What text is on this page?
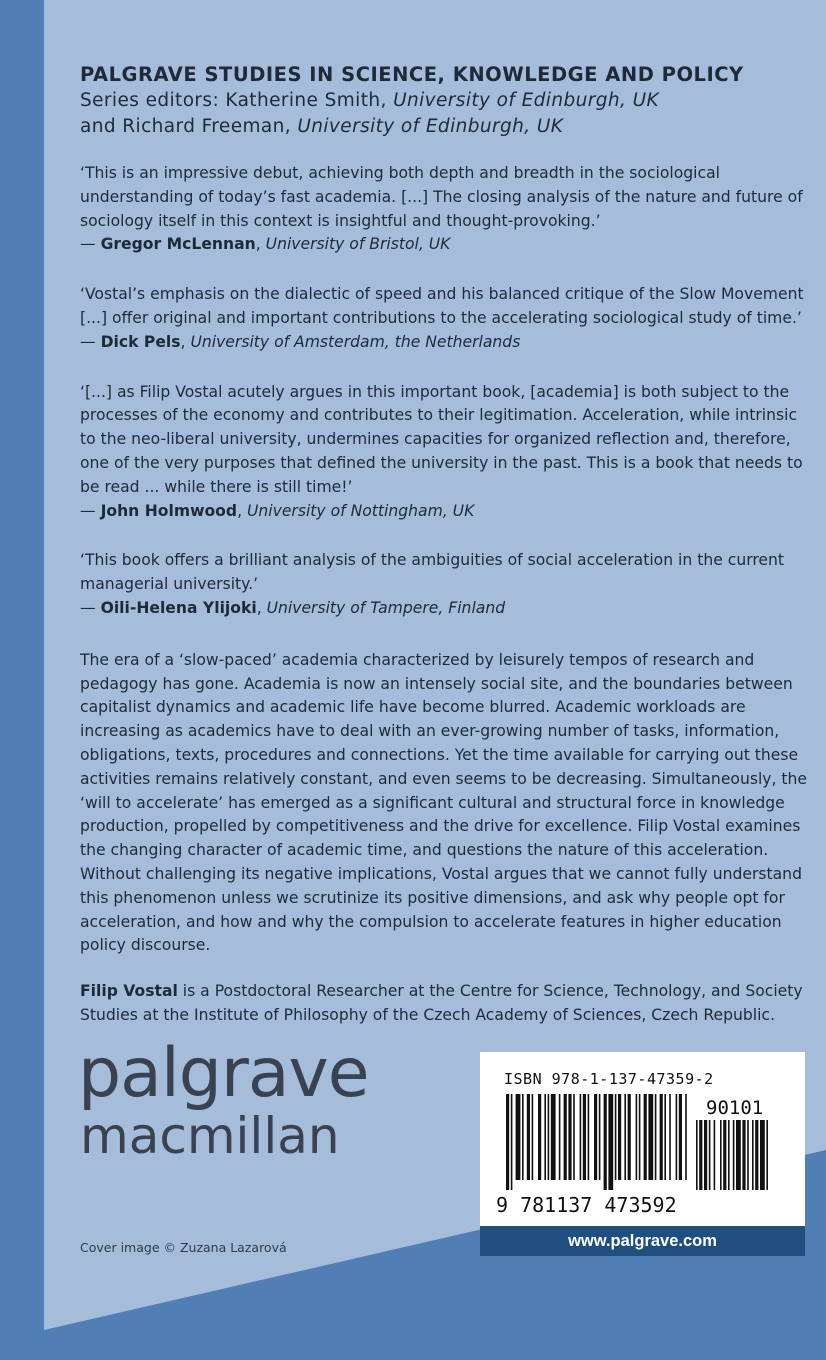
PALGRAVE STUDIES IN SCIENCE, KNOWLEDGE AND POLICY

Series editors: Katherine Smith, University of Edinburgh, UK
and Richard Freeman, University of Edinburgh, UK

‘This is an impressive debut, achieving both depth and breadth in the sociological understanding of today’s fast academia. [...] The closing analysis of the nature and future of sociology itself in this context is insightful and thought-provoking.’

— Gregor McLennan, University of Bristol, UK

‘Vostal’s emphasis on the dialectic of speed and his balanced critique of the Slow Movement [...] offer original and important contributions to the accelerating sociological study of time.’

— Dick Pels, University of Amsterdam, the Netherlands

‘[...] as Filip Vostal acutely argues in this important book, [academia] is both subject to the processes of the economy and contributes to their legitimation. Acceleration, while intrinsic to the neo-liberal university, undermines capacities for organized reflection and, therefore, one of the very purposes that defined the university in the past. This is a book that needs to be read ... while there is still time!’

— John Holmwood, University of Nottingham, UK

‘This book offers a brilliant analysis of the ambiguities of social acceleration in the current managerial university.’

— Oili-Helena Ylijoki, University of Tampere, Finland

The era of a ‘slow-paced’ academia characterized by leisurely tempos of research and pedagogy has gone. Academia is now an intensely social site, and the boundaries between capitalist dynamics and academic life have become blurred. Academic workloads are increasing as academics have to deal with an ever-growing number of tasks, information, obligations, texts, procedures and connections. Yet the time available for carrying out these activities remains relatively constant, and even seems to be decreasing. Simultaneously, the ‘will to accelerate’ has emerged as a significant cultural and structural force in knowledge production, propelled by competitiveness and the drive for excellence. Filip Vostal examines the changing character of academic time, and questions the nature of this acceleration. Without challenging its negative implications, Vostal argues that we cannot fully understand this phenomenon unless we scrutinize its positive dimensions, and ask why people opt for acceleration, and how and why the compulsion to accelerate features in higher education policy discourse.

Filip Vostal is a Postdoctoral Researcher at the Centre for Science, Technology, and Society Studies at the Institute of Philosophy of the Czech Academy of Sciences, Czech Republic.

palgrave
macmillan
Cover image © Zuzana Lazarová
ISBN 978-1-137-47359-2
9 781137 473592
90101
www.palgrave.com
